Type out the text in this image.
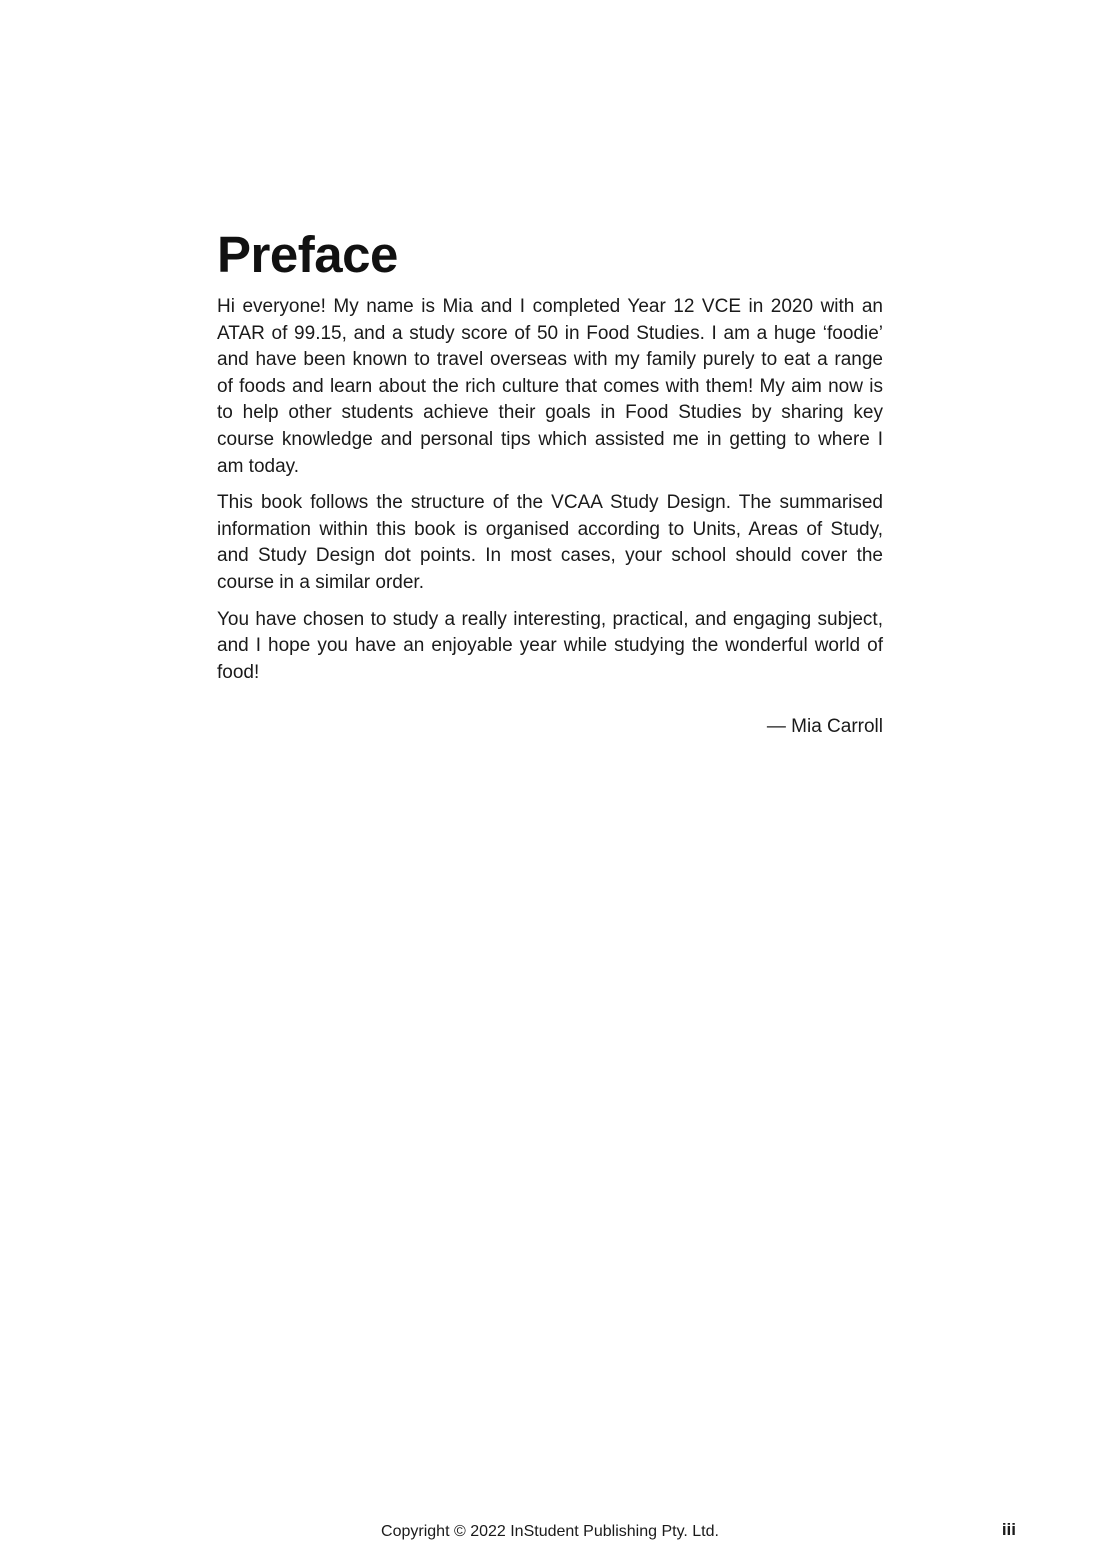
Preface

Hi everyone! My name is Mia and I completed Year 12 VCE in 2020 with an ATAR of 99.15, and a study score of 50 in Food Studies. I am a huge ‘foodie’ and have been known to travel overseas with my family purely to eat a range of foods and learn about the rich culture that comes with them! My aim now is to help other students achieve their goals in Food Studies by sharing key course knowledge and personal tips which assisted me in getting to where I am today.

This book follows the structure of the VCAA Study Design. The summarised information within this book is organised according to Units, Areas of Study, and Study Design dot points. In most cases, your school should cover the course in a similar order.

You have chosen to study a really interesting, practical, and engaging subject, and I hope you have an enjoyable year while studying the wonderful world of food!

— Mia Carroll
Copyright © 2022 InStudent Publishing Pty. Ltd.	iii
